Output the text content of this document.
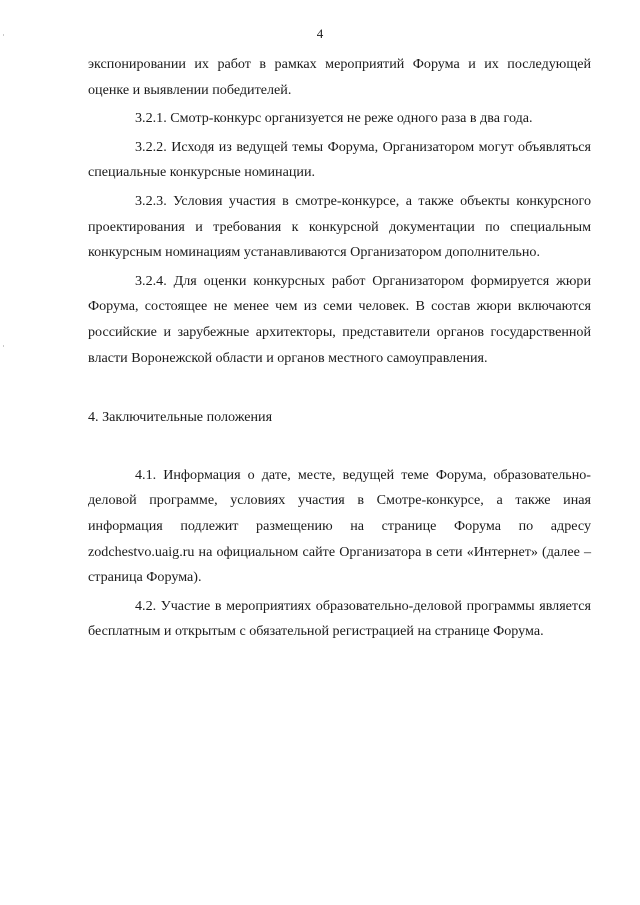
4

экспонировании их работ в рамках мероприятий Форума и их последующей оценке и выявлении победителей.

3.2.1. Смотр-конкурс организуется не реже одного раза в два года.

3.2.2. Исходя из ведущей темы Форума, Организатором могут объявляться специальные конкурсные номинации.

3.2.3. Условия участия в смотре-конкурсе, а также объекты конкурсного проектирования и требования к конкурсной документации по специальным конкурсным номинациям устанавливаются Организатором дополнительно.

3.2.4. Для оценки конкурсных работ Организатором формируется жюри Форума, состоящее не менее чем из семи человек. В состав жюри включаются российские и зарубежные архитекторы, представители органов государственной власти Воронежской области и органов местного самоуправления.

4. Заключительные положения

4.1. Информация о дате, месте, ведущей теме Форума, образовательно-деловой программе, условиях участия в Смотре-конкурсе, а также иная информация подлежит размещению на странице Форума по адресу zodchestvo.uaig.ru на официальном сайте Организатора в сети «Интернет» (далее – страница Форума).

4.2. Участие в мероприятиях образовательно-деловой программы является бесплатным и открытым с обязательной регистрацией на странице Форума.
